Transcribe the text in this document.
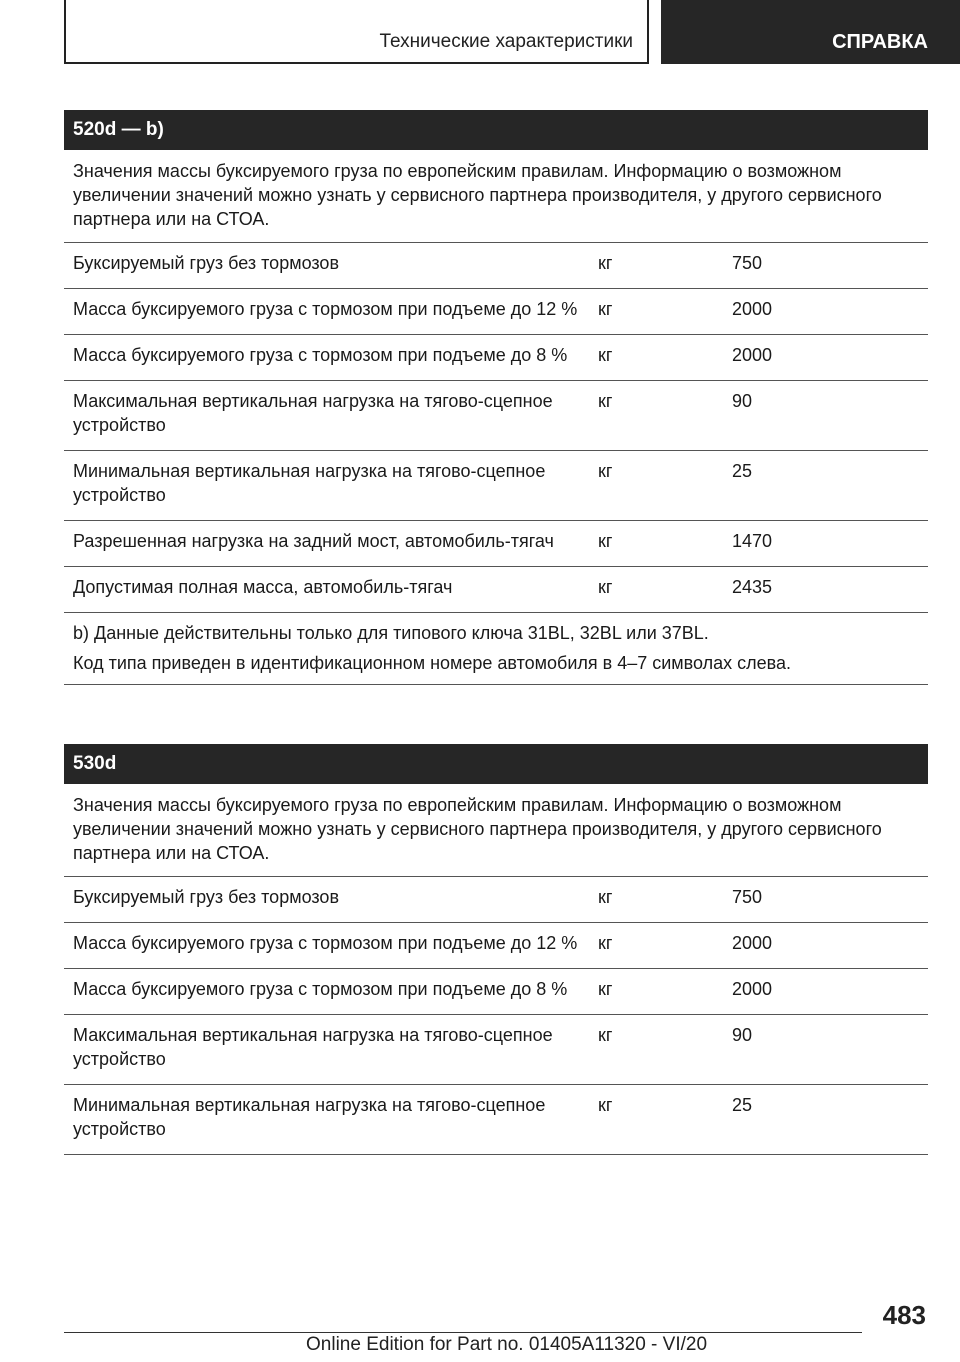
Технические характеристики	СПРАВКА
520d — b)
Значения массы буксируемого груза по европейским правилам. Информацию о возможном увеличении значений можно узнать у сервисного партнера производителя, у другого сервисного партнера или на СТОА.
Буксируемый груз без тормозов	кг	750
Масса буксируемого груза с тормозом при подъеме до 12 %	кг	2000
Масса буксируемого груза с тормозом при подъеме до 8 %	кг	2000
Максимальная вертикальная нагрузка на тягово-сцепное устройство	кг	90
Минимальная вертикальная нагрузка на тягово-сцепное устройство	кг	25
Разрешенная нагрузка на задний мост, автомобиль-тягач	кг	1470
Допустимая полная масса, автомобиль-тягач	кг	2435

b) Данные действительны только для типового ключа 31BL, 32BL или 37BL.

Код типа приведен в идентификационном номере автомобиля в 4–7 символах слева.

530d
Значения массы буксируемого груза по европейским правилам. Информацию о возможном увеличении значений можно узнать у сервисного партнера производителя, у другого сервисного партнера или на СТОА.
Буксируемый груз без тормозов	кг	750
Масса буксируемого груза с тормозом при подъеме до 12 %	кг	2000
Масса буксируемого груза с тормозом при подъеме до 8 %	кг	2000
Максимальная вертикальная нагрузка на тягово-сцепное устройство	кг	90
Минимальная вертикальная нагрузка на тягово-сцепное устройство	кг	25
483
Online Edition for Part no. 01405A11320 - VI/20
